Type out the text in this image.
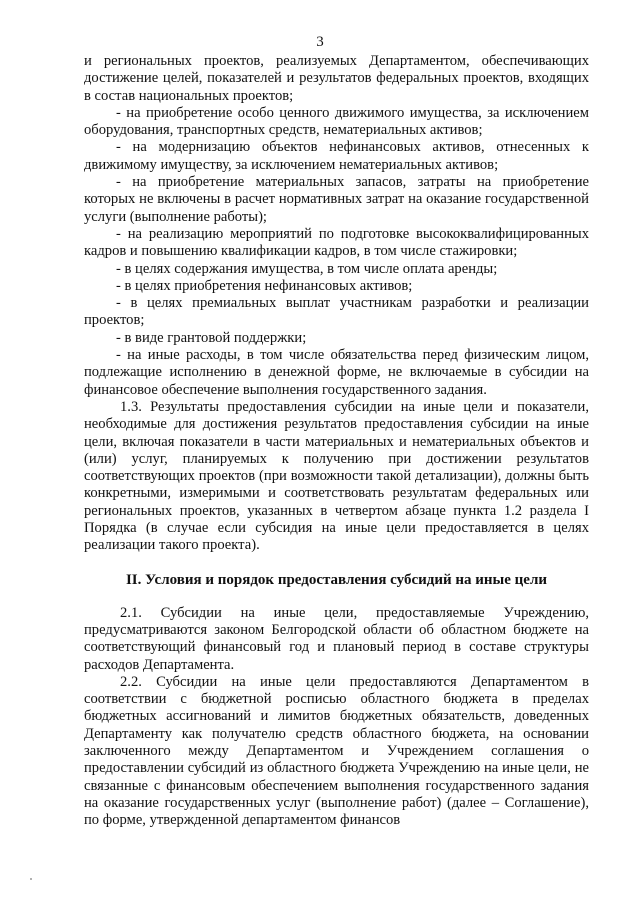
3

и региональных проектов, реализуемых Департаментом, обеспечивающих достижение целей, показателей и результатов федеральных проектов, входящих в состав национальных проектов;

- на приобретение особо ценного движимого имущества, за исключением оборудования, транспортных средств, нематериальных активов;

- на модернизацию объектов нефинансовых активов, отнесенных к движимому имуществу, за исключением нематериальных активов;

- на приобретение материальных запасов, затраты на приобретение которых не включены в расчет нормативных затрат на оказание государственной услуги (выполнение работы);

- на реализацию мероприятий по подготовке высококвалифицированных кадров и повышению квалификации кадров, в том числе стажировки;

- в целях содержания имущества, в том числе оплата аренды;

- в целях приобретения нефинансовых активов;

- в целях премиальных выплат участникам разработки и реализации проектов;

- в виде грантовой поддержки;

- на иные расходы, в том числе обязательства перед физическим лицом, подлежащие исполнению в денежной форме, не включаемые в субсидии на финансовое обеспечение выполнения государственного задания.

1.3. Результаты предоставления субсидии на иные цели и показатели, необходимые для достижения результатов предоставления субсидии на иные цели, включая показатели в части материальных и нематериальных объектов и (или) услуг, планируемых к получению при достижении результатов соответствующих проектов (при возможности такой детализации), должны быть конкретными, измеримыми и соответствовать результатам федеральных или региональных проектов, указанных в четвертом абзаце пункта 1.2 раздела I Порядка (в случае если субсидия на иные цели предоставляется в целях реализации такого проекта).

II. Условия и порядок предоставления субсидий на иные цели

2.1. Субсидии на иные цели, предоставляемые Учреждению, предусматриваются законом Белгородской области об областном бюджете на соответствующий финансовый год и плановый период в составе структуры расходов Департамента.

2.2. Субсидии на иные цели предоставляются Департаментом в соответствии с бюджетной росписью областного бюджета в пределах бюджетных ассигнований и лимитов бюджетных обязательств, доведенных Департаменту как получателю средств областного бюджета, на основании заключенного между Департаментом и Учреждением соглашения о предоставлении субсидий из областного бюджета Учреждению на иные цели, не связанные с финансовым обеспечением выполнения государственного задания на оказание государственных услуг (выполнение работ) (далее – Соглашение), по форме, утвержденной департаментом финансов
